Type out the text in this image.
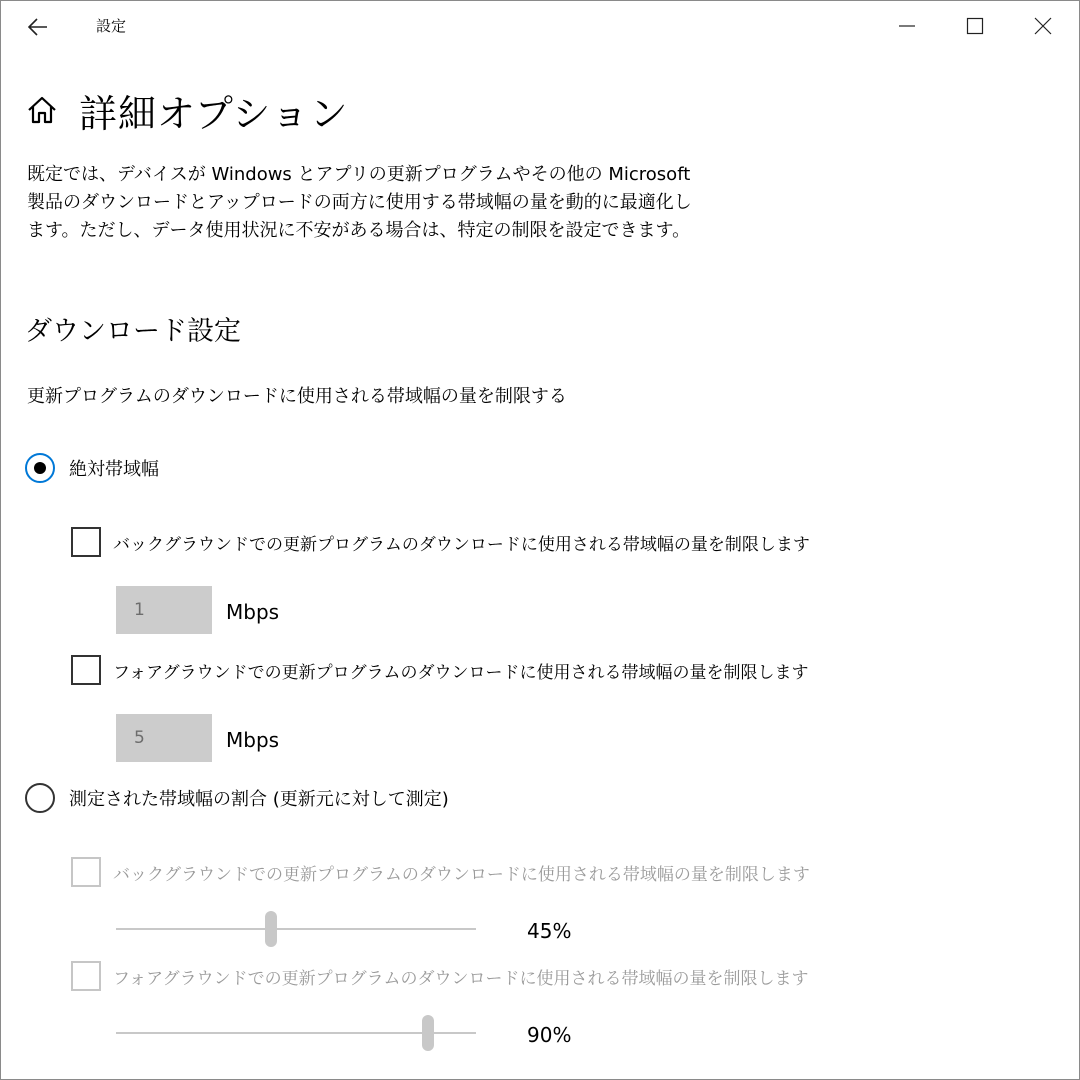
設定
詳細オプション
既定では、デバイスが Windows とアプリの更新プログラムやその他の Microsoft 製品のダウンロードとアップロードの両方に使用する帯域幅の量を動的に最適化します。ただし、データ使用状況に不安がある場合は、特定の制限を設定できます。
ダウンロード設定
更新プログラムのダウンロードに使用される帯域幅の量を制限する
絶対帯域幅
バックグラウンドでの更新プログラムのダウンロードに使用される帯域幅の量を制限します
1
Mbps
フォアグラウンドでの更新プログラムのダウンロードに使用される帯域幅の量を制限します
5
Mbps
測定された帯域幅の割合 (更新元に対して測定)
バックグラウンドでの更新プログラムのダウンロードに使用される帯域幅の量を制限します
45%
フォアグラウンドでの更新プログラムのダウンロードに使用される帯域幅の量を制限します
90%
